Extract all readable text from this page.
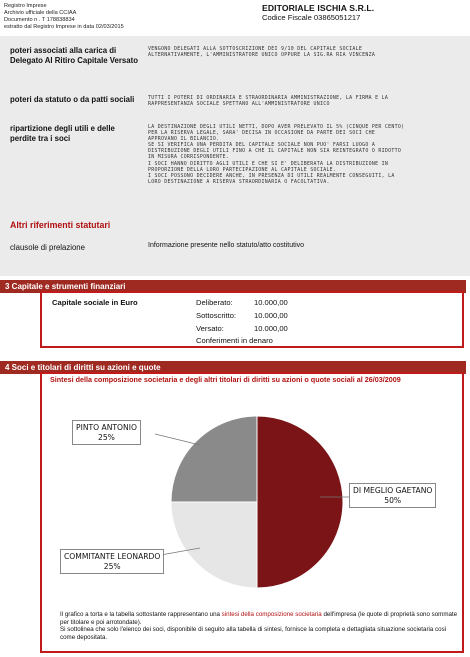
Registro Imprese
Archivio ufficiale della CCIAA
Documento n . T 178838834
estratto dal Registro Imprese in data 02/03/2015
EDITORIALE ISCHIA S.R.L.
Codice Fiscale 03865051217
poteri associati alla carica di Delegato Al Ritiro Capitale Versato
VENGONO DELEGATI ALLA SOTTOSCRIZIONE DEI 9/10 DEL CAPITALE SOCIALE
ALTERNATIVAMENTE, L'AMMINISTRATORE UNICO OPPURE LA SIG.RA RIA VINCENZA
poteri da statuto o da patti sociali	TUTTI I POTERI DI ORDINARIA E STRAORDINARIA AMMINISTRAZIONE, LA FIRMA E LA
RAPPRESENTANZA SOCIALE SPETTANO ALL'AMMINISTRATORE UNICO
ripartizione degli utili e delle perdite tra i soci
LA DESTINAZIONE DEGLI UTILI NETTI, DOPO AVER PRELEVATO IL 5% (CINQUE PER CENTO)
PER LA RISERVA LEGALE, SARA' DECISA IN OCCASIONE DA PARTE DEI SOCI CHE
APPROVANO IL BILANCIO.
SE SI VERIFICA UNA PERDITA DEL CAPITALE SOCIALE NON PUO' FARSI LUOGO A
DISTRIBUZIONE DEGLI UTILI FINO A CHE IL CAPITALE NON SIA REINTEGRATO O RIDOTTO
IN MISURA CORRISPONDENTE.
I SOCI HANNO DIRITTO AGLI UTILI E CHE SI E' DELIBERATA LA DISTRIBUZIONE IN
PROPORZIONE DELLA LORO PARTECIPAZIONE AL CAPITALE SOCIALE.
I SOCI POSSONO DECIDERE ANCHE, IN PRESENZA DI UTILI REALMENTE CONSEGUITI, LA
LORO DESTINAZIONE A RISERVA STRAORDINARIA O FACOLTATIVA.
Altri riferimenti statutari
clausole di prelazione	Informazione presente nello statuto/atto costitutivo
3 Capitale e strumenti finanziari
Capitale sociale in Euro	Deliberato:	10.000,00
Sottoscritto: 10.000,00
Versato:	10.000,00
Conferimenti in denaro
4 Soci e titolari di diritti su azioni e quote
Sintesi della composizione societaria e degli altri titolari di diritti su azioni o quote sociali al 26/03/2009
PINTO ANTONIO
25%
DI MEGLIO GAETANO
50%
COMMITANTE LEONARDO
25%
Il grafico a torta e la tabella sottostante rappresentano una sintesi della composizione societaria dell'impresa (le quote di proprietà sono sommate per titolare e poi arrotondate).
Si sottolinea che solo l'elenco dei soci, disponibile di seguito alla tabella di sintesi, fornisce la completa e dettagliata situazione societaria così come depositata.
